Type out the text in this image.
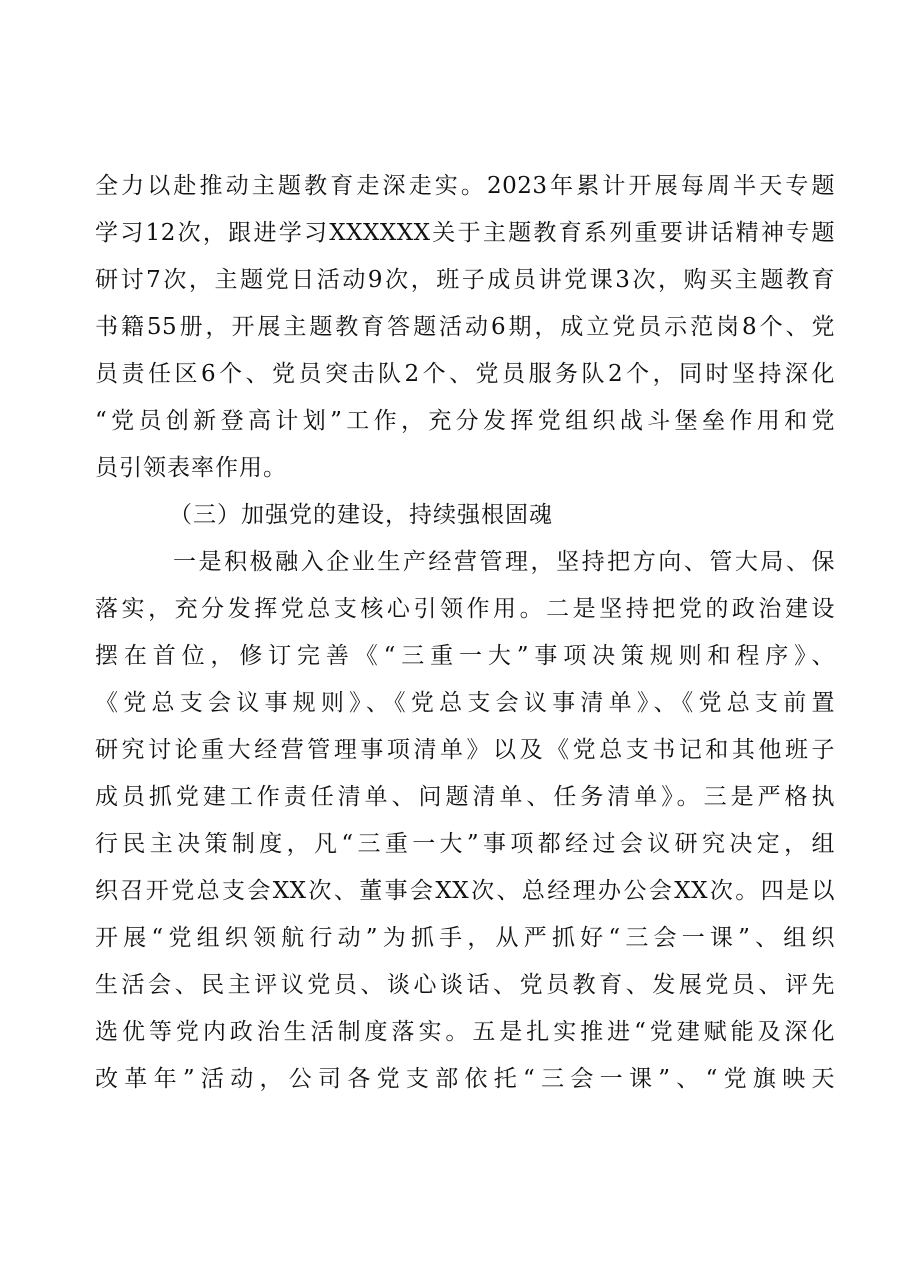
全力以赴推动主题教育走深走实。2023年累计开展每周半天专题
学习12次，跟进学习XXXXXX关于主题教育系列重要讲话精神专题
研讨7次，主题党日活动9次，班子成员讲党课3次，购买主题教育
书籍55册，开展主题教育答题活动6期，成立党员示范岗8个、党
员责任区6个、党员突击队2个、党员服务队2个，同时坚持深化
“党员创新登高计划”工作，充分发挥党组织战斗堡垒作用和党
员引领表率作用。
（三）加强党的建设，持续强根固魂
一是积极融入企业生产经营管理，坚持把方向、管大局、保
落实，充分发挥党总支核心引领作用。二是坚持把党的政治建设
摆在首位，修订完善《“三重一大”事项决策规则和程序》、
《党总支会议事规则》、《党总支会议事清单》、《党总支前置
研究讨论重大经营管理事项清单》以及《党总支书记和其他班子
成员抓党建工作责任清单、问题清单、任务清单》。三是严格执
行民主决策制度，凡“三重一大”事项都经过会议研究决定，组
织召开党总支会XX次、董事会XX次、总经理办公会XX次。四是以
开展“党组织领航行动”为抓手，从严抓好“三会一课”、组织
生活会、民主评议党员、谈心谈话、党员教育、发展党员、评先
选优等党内政治生活制度落实。五是扎实推进“党建赋能及深化
改革年”活动，公司各党支部依托“三会一课”、“党旗映天
